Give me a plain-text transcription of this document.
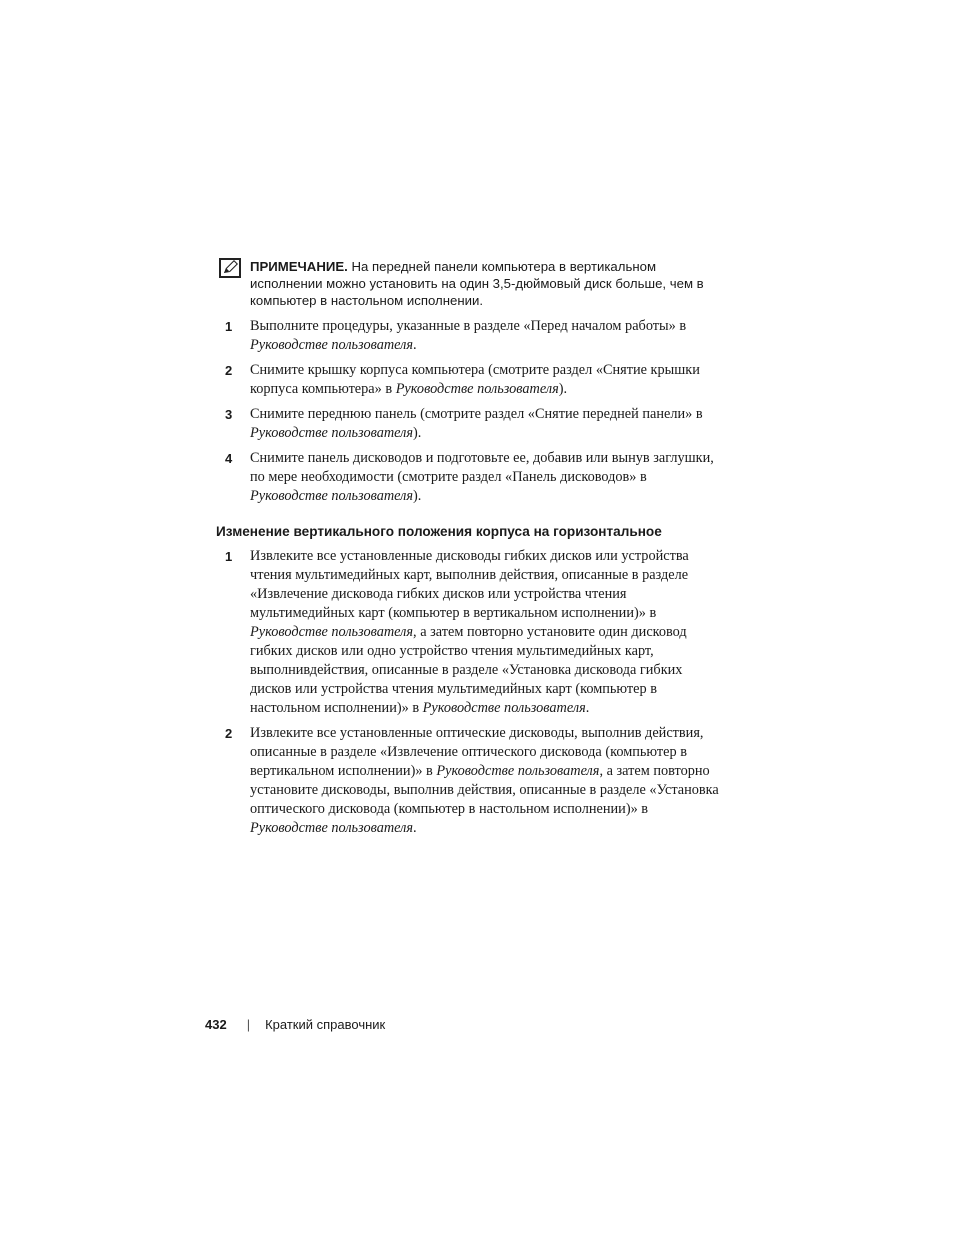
ПРИМЕЧАНИЕ. На передней панели компьютера в вертикальном исполнении можно установить на один 3,5-дюймовый диск больше, чем в компьютер в настольном исполнении.
1 Выполните процедуры, указанные в разделе «Перед началом работы» в Руководстве пользователя.
2 Снимите крышку корпуса компьютера (смотрите раздел «Снятие крышки корпуса компьютера» в Руководстве пользователя).
3 Снимите переднюю панель (смотрите раздел «Снятие передней панели» в Руководстве пользователя).
4 Снимите панель дисководов и подготовьте ее, добавив или вынув заглушки, по мере необходимости (смотрите раздел «Панель дисководов» в Руководстве пользователя).
Изменение вертикального положения корпуса на горизонтальное
1 Извлеките все установленные дисководы гибких дисков или устройства чтения мультимедийных карт, выполнив действия, описанные в разделе «Извлечение дисковода гибких дисков или устройства чтения мультимедийных карт (компьютер в вертикальном исполнении)» в Руководстве пользователя, а затем повторно установите один дисковод гибких дисков или одно устройство чтения мультимедийных карт, выполнивдействия, описанные в разделе «Установка дисковода гибких дисков или устройства чтения мультимедийных карт (компьютер в настольном исполнении)» в Руководстве пользователя.
2 Извлеките все установленные оптические дисководы, выполнив действия, описанные в разделе «Извлечение оптического дисковода (компьютер в вертикальном исполнении)» в Руководстве пользователя, а затем повторно установите дисководы, выполнив действия, описанные в разделе «Установка оптического дисковода (компьютер в настольном исполнении)» в Руководстве пользователя.
432 | Краткий справочник
